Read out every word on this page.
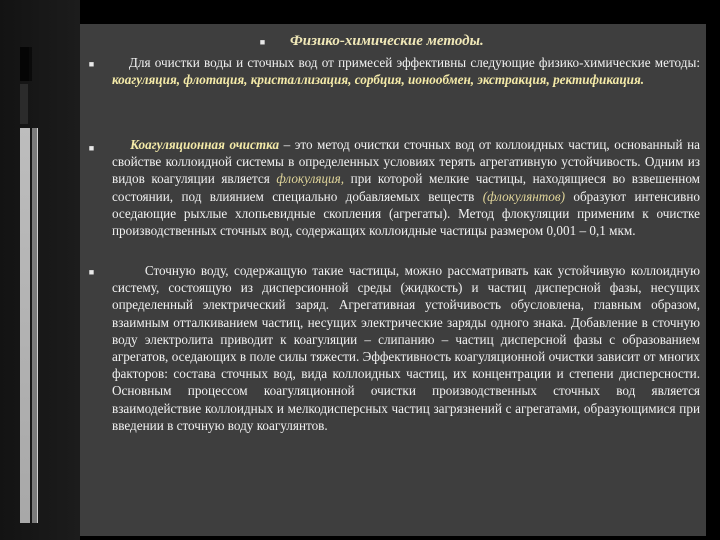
■
Физико-химические методы.
■

Для очистки воды и сточных вод от примесей эффективны следующие физико-химические методы: коагуляция, флотация, кристаллизация, сорбция, ионообмен, экстракция, ректификация.

■

Коагуляционная очистка – это метод очистки сточных вод от коллоидных частиц, основанный на свойстве коллоидной системы в определенных условиях терять агрегативную устойчивость. Одним из видов коагуляции является флокуляция, при которой мелкие частицы, находящиеся во взвешенном состоянии, под влиянием специально добавляемых веществ (флокулянтов) образуют интенсивно оседающие рыхлые хлопьевидные скопления (агрегаты). Метод флокуляции применим к очистке производственных сточных вод, содержащих коллоидные частицы размером 0,001 – 0,1 мкм.

■

Сточную воду, содержащую такие частицы, можно рассматривать как устойчивую коллоидную систему, состоящую из дисперсионной среды (жидкость) и частиц дисперсной фазы, несущих определенный электрический заряд. Агрегативная устойчивость обусловлена, главным образом, взаимным отталкиванием частиц, несущих электрические заряды одного знака. Добавление в сточную воду электролита приводит к коагуляции – слипанию – частиц дисперсной фазы с образованием агрегатов, оседающих в поле силы тяжести. Эффективность коагуляционной очистки зависит от многих факторов: состава сточных вод, вида коллоидных частиц, их концентрации и степени дисперсности. Основным процессом коагуляционной очистки производственных сточных вод является взаимодействие коллоидных и мелкодисперсных частиц загрязнений с агрегатами, образующимися при введении в сточную воду коагулянтов.
